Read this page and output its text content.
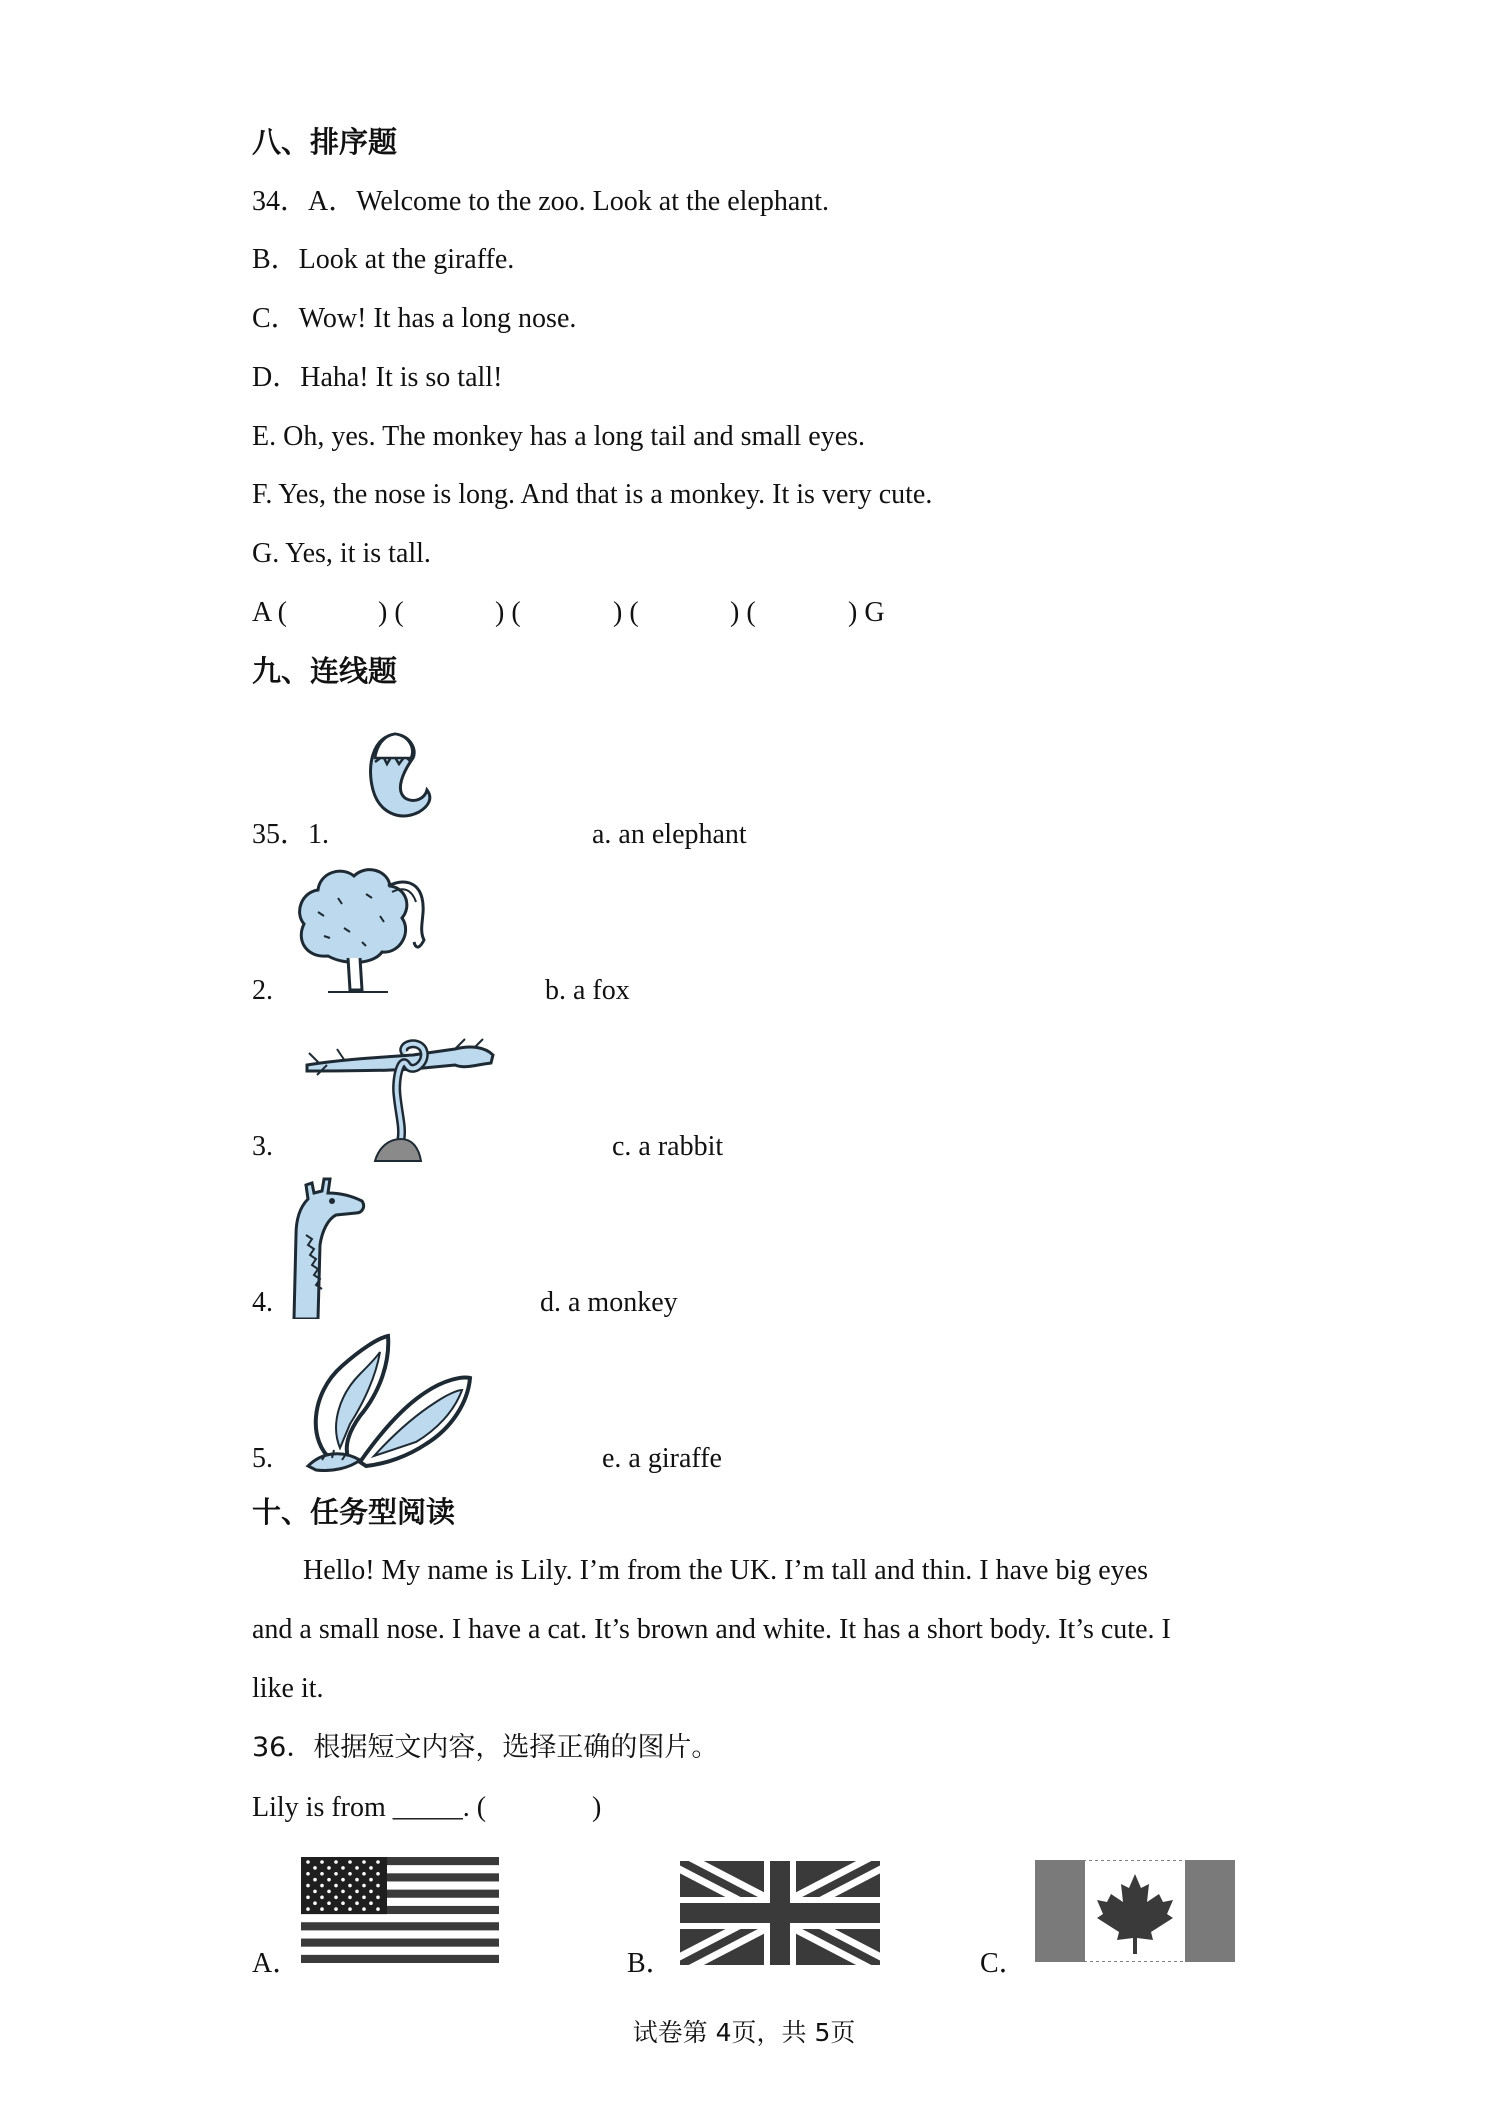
八、排序题
34．A．Welcome to the zoo. Look at the elephant.
B．Look at the giraffe.
C．Wow! It has a long nose.
D．Haha! It is so tall!
E. Oh, yes. The monkey has a long tail and small eyes.
F. Yes, the nose is long. And that is a monkey. It is very cute.
G. Yes, it is tall.
A (	) (	) (	) (	) (	) G
九、连线题
35．1.	a. an elephant
2.	b. a fox
3.	c. a rabbit
4.	d. a monkey
5.	e. a giraffe
十、任务型阅读
Hello! My name is Lily. I’m from the UK. I’m tall and thin. I have big eyes
and a small nose. I have a cat. It’s brown and white. It has a short body. It’s cute. I
like it.
36．根据短文内容，选择正确的图片。
Lily is from _____. (	)
A．	B．	C．
试卷第 4页，共 5页
